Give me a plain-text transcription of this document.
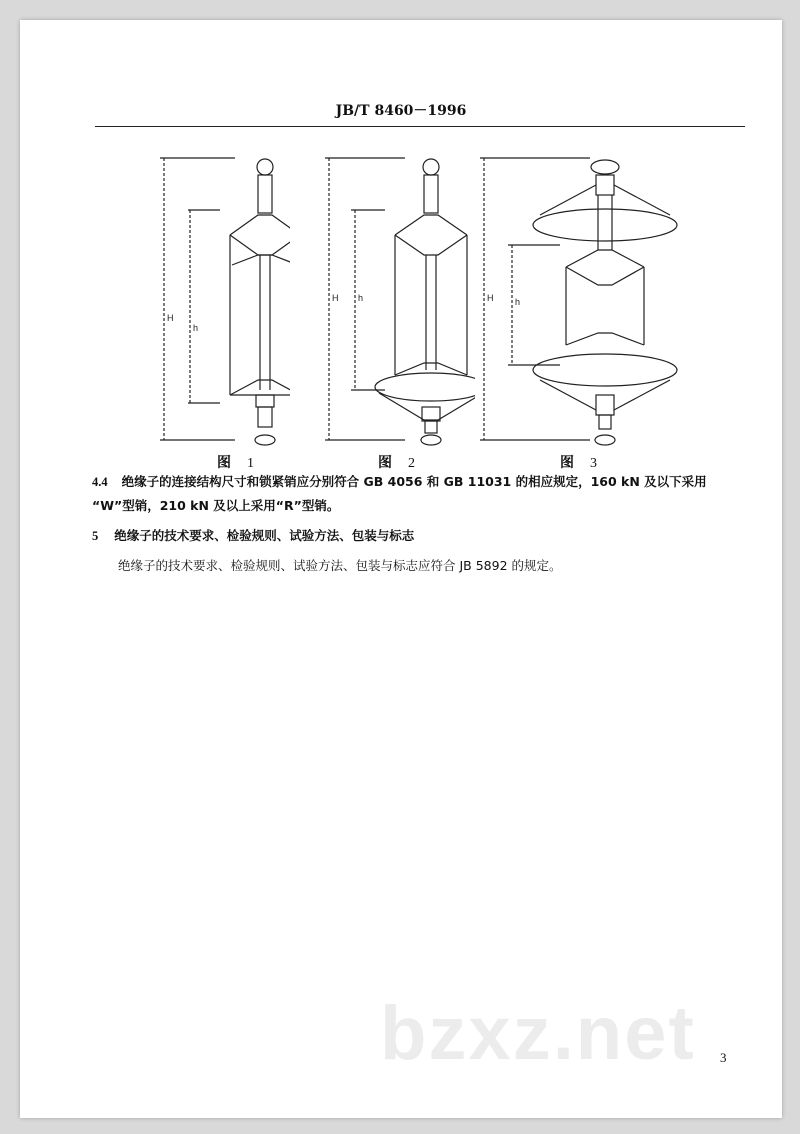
JB/T 8460－1996
H
h
H h	H h
图 1	图 2	图 3
4.4 绝缘子的连接结构尺寸和锁紧销应分别符合 GB 4056 和 GB 11031 的相应规定，160 kN 及以下采用
“W”型销，210 kN 及以上采用“R”型销。
5 绝缘子的技术要求、检验规则、试验方法、包装与标志
绝缘子的技术要求、检验规则、试验方法、包装与标志应符合 JB 5892 的规定。
bzxz.net 3
